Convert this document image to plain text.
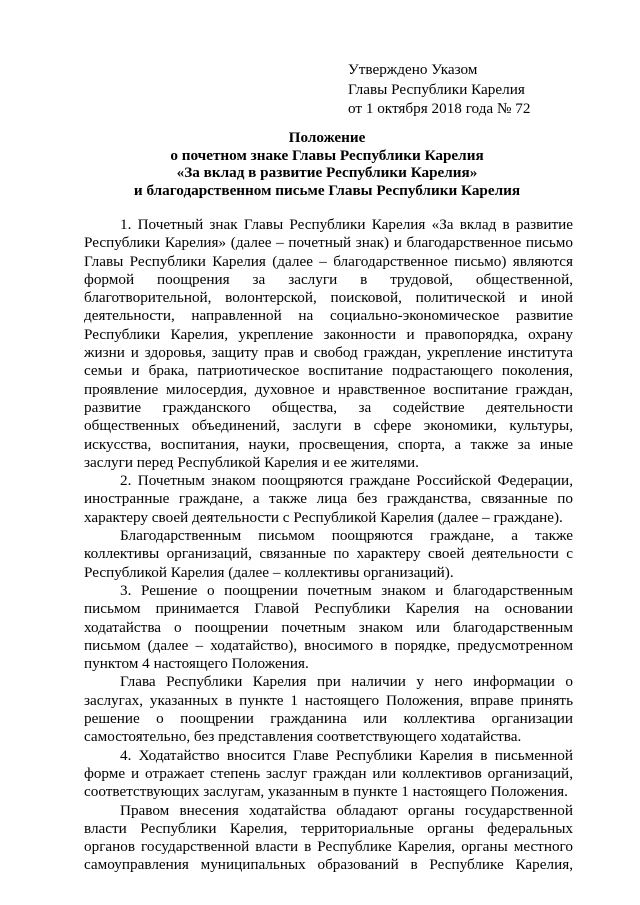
Утверждено Указом
Главы Республики Карелия
от 1 октября 2018 года № 72
Положение
о почетном знаке Главы Республики Карелия
«За вклад в развитие Республики Карелия»
и благодарственном письме Главы Республики Карелия
1. Почетный знак Главы Республики Карелия «За вклад в развитие
Республики Карелия» (далее – почетный знак) и благодарственное письмо
Главы Республики Карелия (далее – благодарственное письмо) являются
формой поощрения за заслуги в трудовой, общественной,
благотворительной, волонтерской, поисковой, политической и иной
деятельности, направленной на социально-экономическое развитие
Республики Карелия, укрепление законности и правопорядка, охрану
жизни и здоровья, защиту прав и свобод граждан, укрепление института
семьи и брака, патриотическое воспитание подрастающего поколения,
проявление милосердия, духовное и нравственное воспитание граждан,
развитие гражданского общества, за содействие деятельности
общественных объединений, заслуги в сфере экономики, культуры,
искусства, воспитания, науки, просвещения, спорта, а также за иные
заслуги перед Республикой Карелия и ее жителями.
2. Почетным знаком поощряются граждане Российской Федерации,
иностранные граждане, а также лица без гражданства, связанные по
характеру своей деятельности с Республикой Карелия (далее – граждане).
Благодарственным письмом поощряются граждане, а также
коллективы организаций, связанные по характеру своей деятельности с
Республикой Карелия (далее – коллективы организаций).
3. Решение о поощрении почетным знаком и благодарственным
письмом принимается Главой Республики Карелия на основании
ходатайства о поощрении почетным знаком или благодарственным
письмом (далее – ходатайство), вносимого в порядке, предусмотренном
пунктом 4 настоящего Положения.
Глава Республики Карелия при наличии у него информации о
заслугах, указанных в пункте 1 настоящего Положения, вправе принять
решение о поощрении гражданина или коллектива организации
самостоятельно, без представления соответствующего ходатайства.
4. Ходатайство вносится Главе Республики Карелия в письменной
форме и отражает степень заслуг граждан или коллективов организаций,
соответствующих заслугам, указанным в пункте 1 настоящего Положения.
Правом внесения ходатайства обладают органы государственной
власти Республики Карелия, территориальные органы федеральных
органов государственной власти в Республике Карелия, органы местного
самоуправления муниципальных образований в Республике Карелия,
